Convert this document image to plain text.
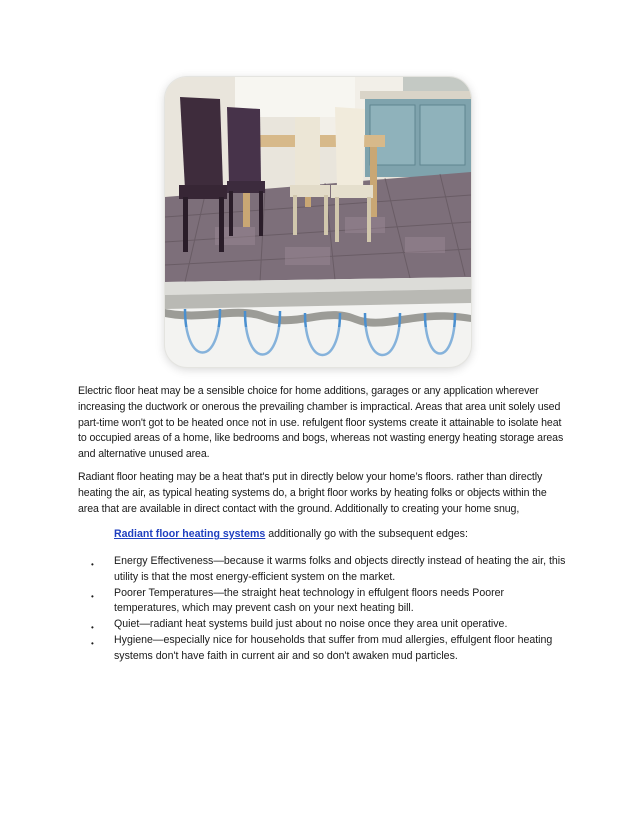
Electric floor heat may be a sensible choice for home additions, garages or any application wherever increasing the ductwork or onerous the prevailing chamber is impractical. Areas that area unit solely used part-time won't got to be heated once not in use. refulgent floor systems create it attainable to isolate heat to occupied areas of a home, like bedrooms and bogs, whereas not wasting energy heating storage areas and alternative unused area.

Radiant floor heating may be a heat that's put in directly below your home’s floors. rather than directly heating the air, as typical heating systems do, a bright floor works by heating folks or objects within the area that are available in direct contact with the ground. Additionally to creating your home snug,

Radiant floor heating systems additionally go with the subsequent edges:
• Energy Effectiveness—because it warms folks and objects directly instead of heating the air, this utility is that the most energy-efficient system on the market.
• Poorer Temperatures—the straight heat technology in effulgent floors needs Poorer temperatures, which may prevent cash on your next heating bill.
• Quiet—radiant heat systems build just about no noise once they area unit operative.
• Hygiene—especially nice for households that suffer from mud allergies, effulgent floor heating systems don't have faith in current air and so don't awaken mud particles.
